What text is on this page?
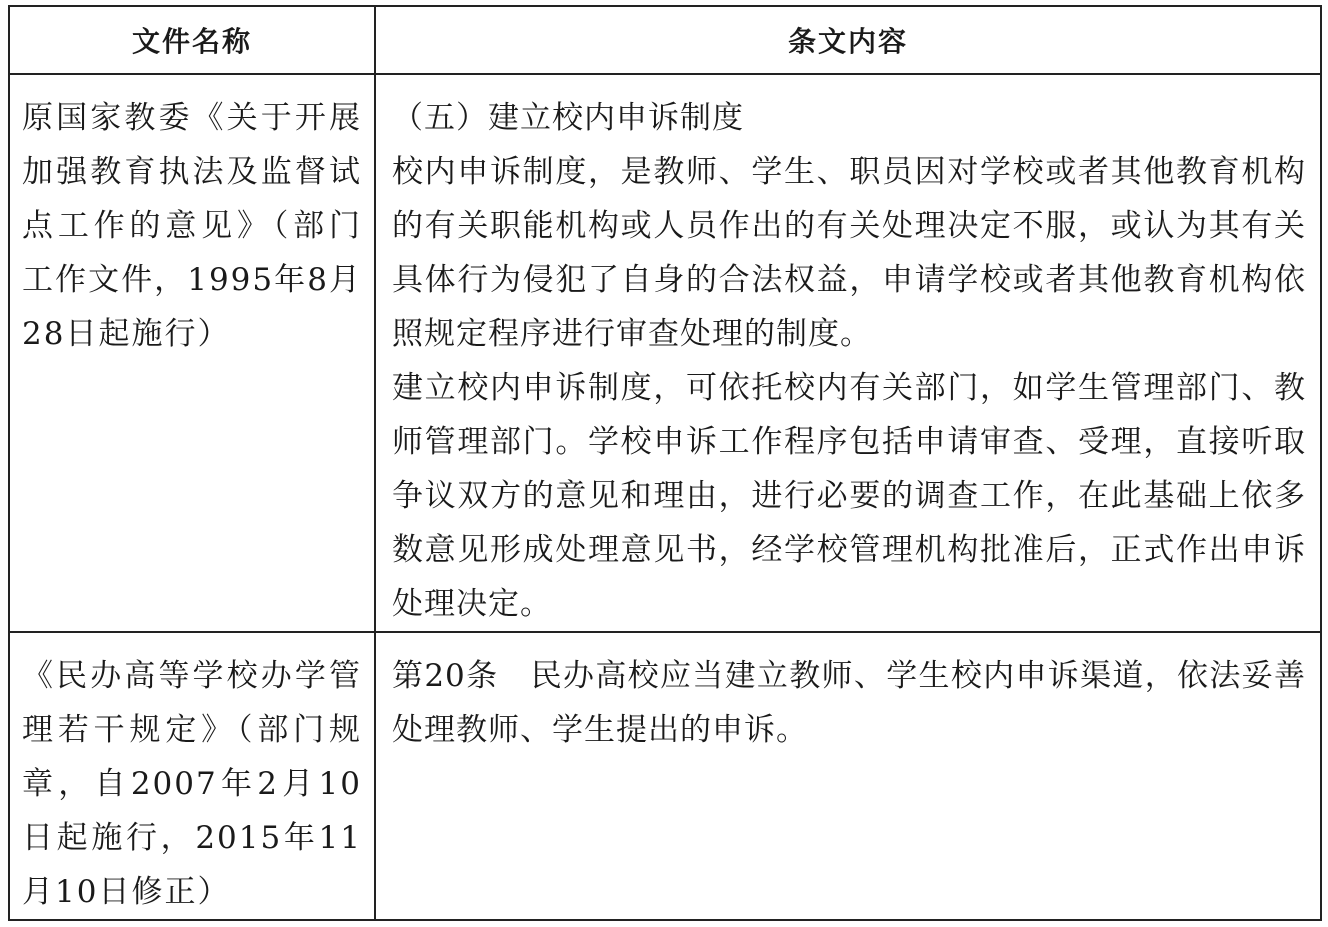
文件名称	条文内容
原国家教委《关于开展加强教育执法及监督试点工作的意见》（部门工作文件，1995年8月28日起施行）	（五）建立校内申诉制度
校内申诉制度，是教师、学生、职员因对学校或者其他教育机构的有关职能机构或人员作出的有关处理决定不服，或认为其有关具体行为侵犯了自身的合法权益，申请学校或者其他教育机构依照规定程序进行审查处理的制度。
建立校内申诉制度，可依托校内有关部门，如学生管理部门、教师管理部门。学校申诉工作程序包括申请审查、受理，直接听取争议双方的意见和理由，进行必要的调查工作，在此基础上依多数意见形成处理意见书，经学校管理机构批准后，正式作出申诉处理决定。

《民办高等学校办学管理若干规定》（部门规章，自2007年2月10日起施行，2015年11月10日修正）	第20条　民办高校应当建立教师、学生校内申诉渠道，依法妥善处理教师、学生提出的申诉。
